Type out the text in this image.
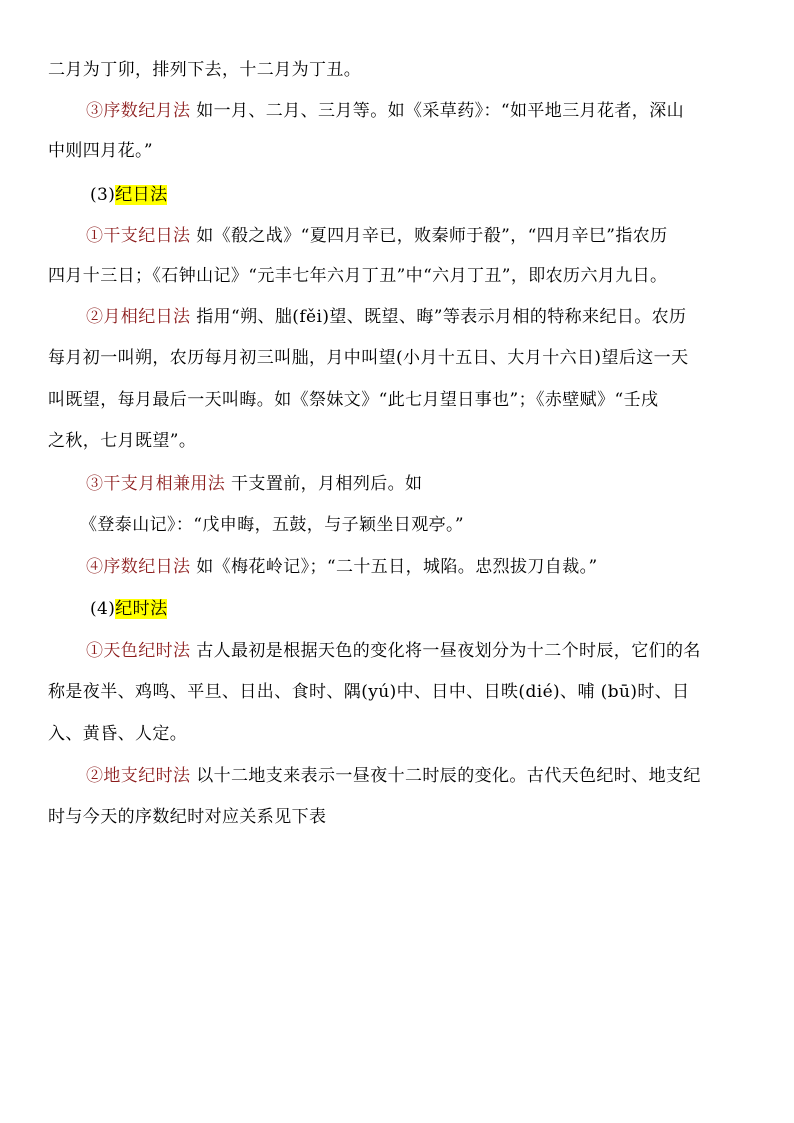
二月为丁卯，排列下去，十二月为丁丑。
③序数纪月法 如一月、二月、三月等。如《采草药》：“如平地三月花者，深山
中则四月花。”
(3)纪日法
①干支纪日法 如《殽之战》“夏四月辛已，败秦师于殽”，“四月辛巳”指农历
四月十三日；《石钟山记》“元丰七年六月丁丑”中“六月丁丑”，即农历六月九日。
②月相纪日法 指用“朔、朏(fěi)望、既望、晦”等表示月相的特称来纪日。农历
每月初一叫朔，农历每月初三叫朏，月中叫望(小月十五日、大月十六日)望后这一天
叫既望，每月最后一天叫晦。如《祭妹文》“此七月望日事也”；《赤壁赋》“壬戌
之秋，七月既望”。
③干支月相兼用法 干支置前，月相列后。如
《登泰山记》：“戊申晦，五鼓，与子颖坐日观亭。”
④序数纪日法 如《梅花岭记》；“二十五日，城陷。忠烈拔刀自裁。”
(4)纪时法
①天色纪时法 古人最初是根据天色的变化将一昼夜划分为十二个时辰，它们的名
称是夜半、鸡鸣、平旦、日出、食时、隅(yú)中、日中、日昳(dié)、哺 (bū)时、日
入、黄昏、人定。
②地支纪时法 以十二地支来表示一昼夜十二时辰的变化。古代天色纪时、地支纪
时与今天的序数纪时对应关系见下表
